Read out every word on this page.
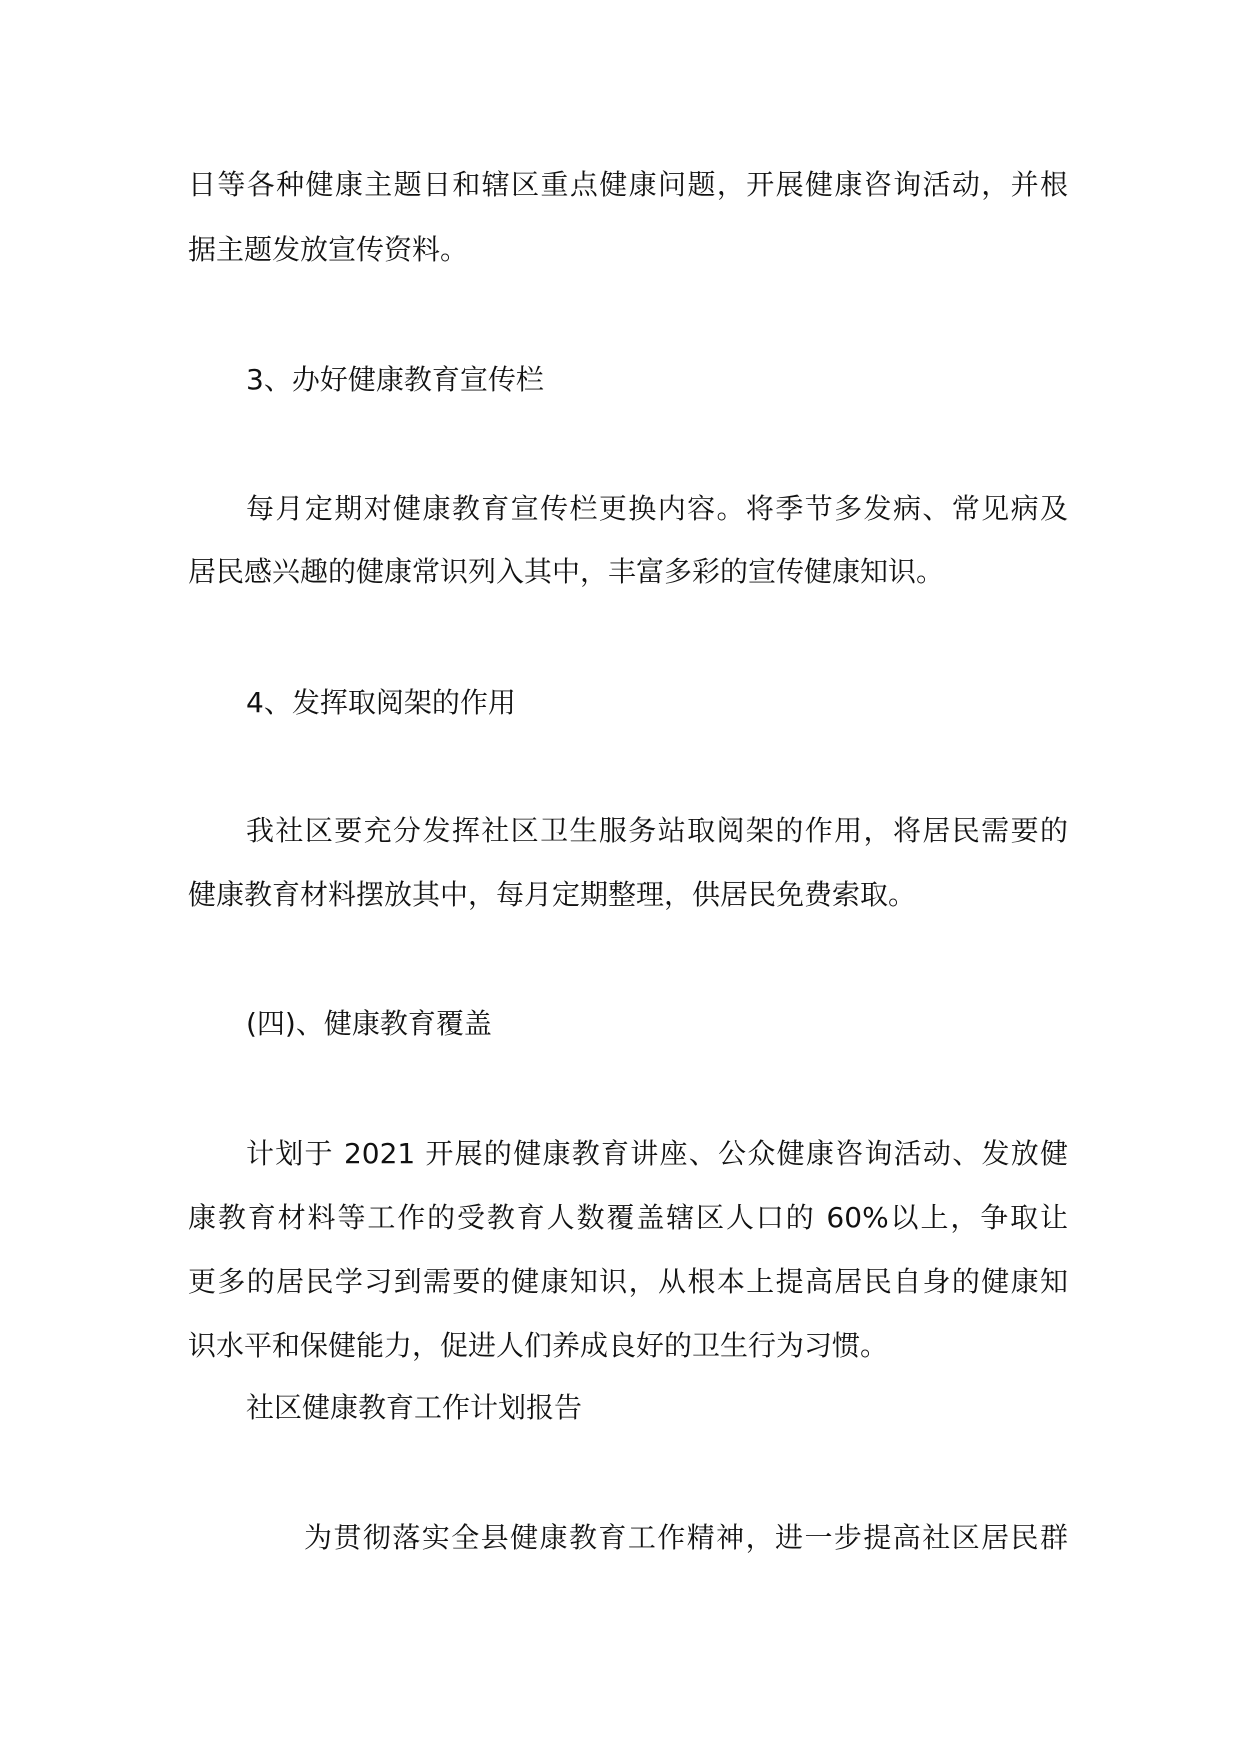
日等各种健康主题日和辖区重点健康问题，开展健康咨询活动，并根
据主题发放宣传资料。
3、办好健康教育宣传栏
每月定期对健康教育宣传栏更换内容。将季节多发病、常见病及
居民感兴趣的健康常识列入其中，丰富多彩的宣传健康知识。
4、发挥取阅架的作用
我社区要充分发挥社区卫生服务站取阅架的作用，将居民需要的
健康教育材料摆放其中，每月定期整理，供居民免费索取。
(四)、健康教育覆盖
计划于 2021 开展的健康教育讲座、公众健康咨询活动、发放健
康教育材料等工作的受教育人数覆盖辖区人口的 60%以上，争取让
更多的居民学习到需要的健康知识，从根本上提高居民自身的健康知
识水平和保健能力，促进人们养成良好的卫生行为习惯。
社区健康教育工作计划报告
为贯彻落实全县健康教育工作精神，进一步提高社区居民群
